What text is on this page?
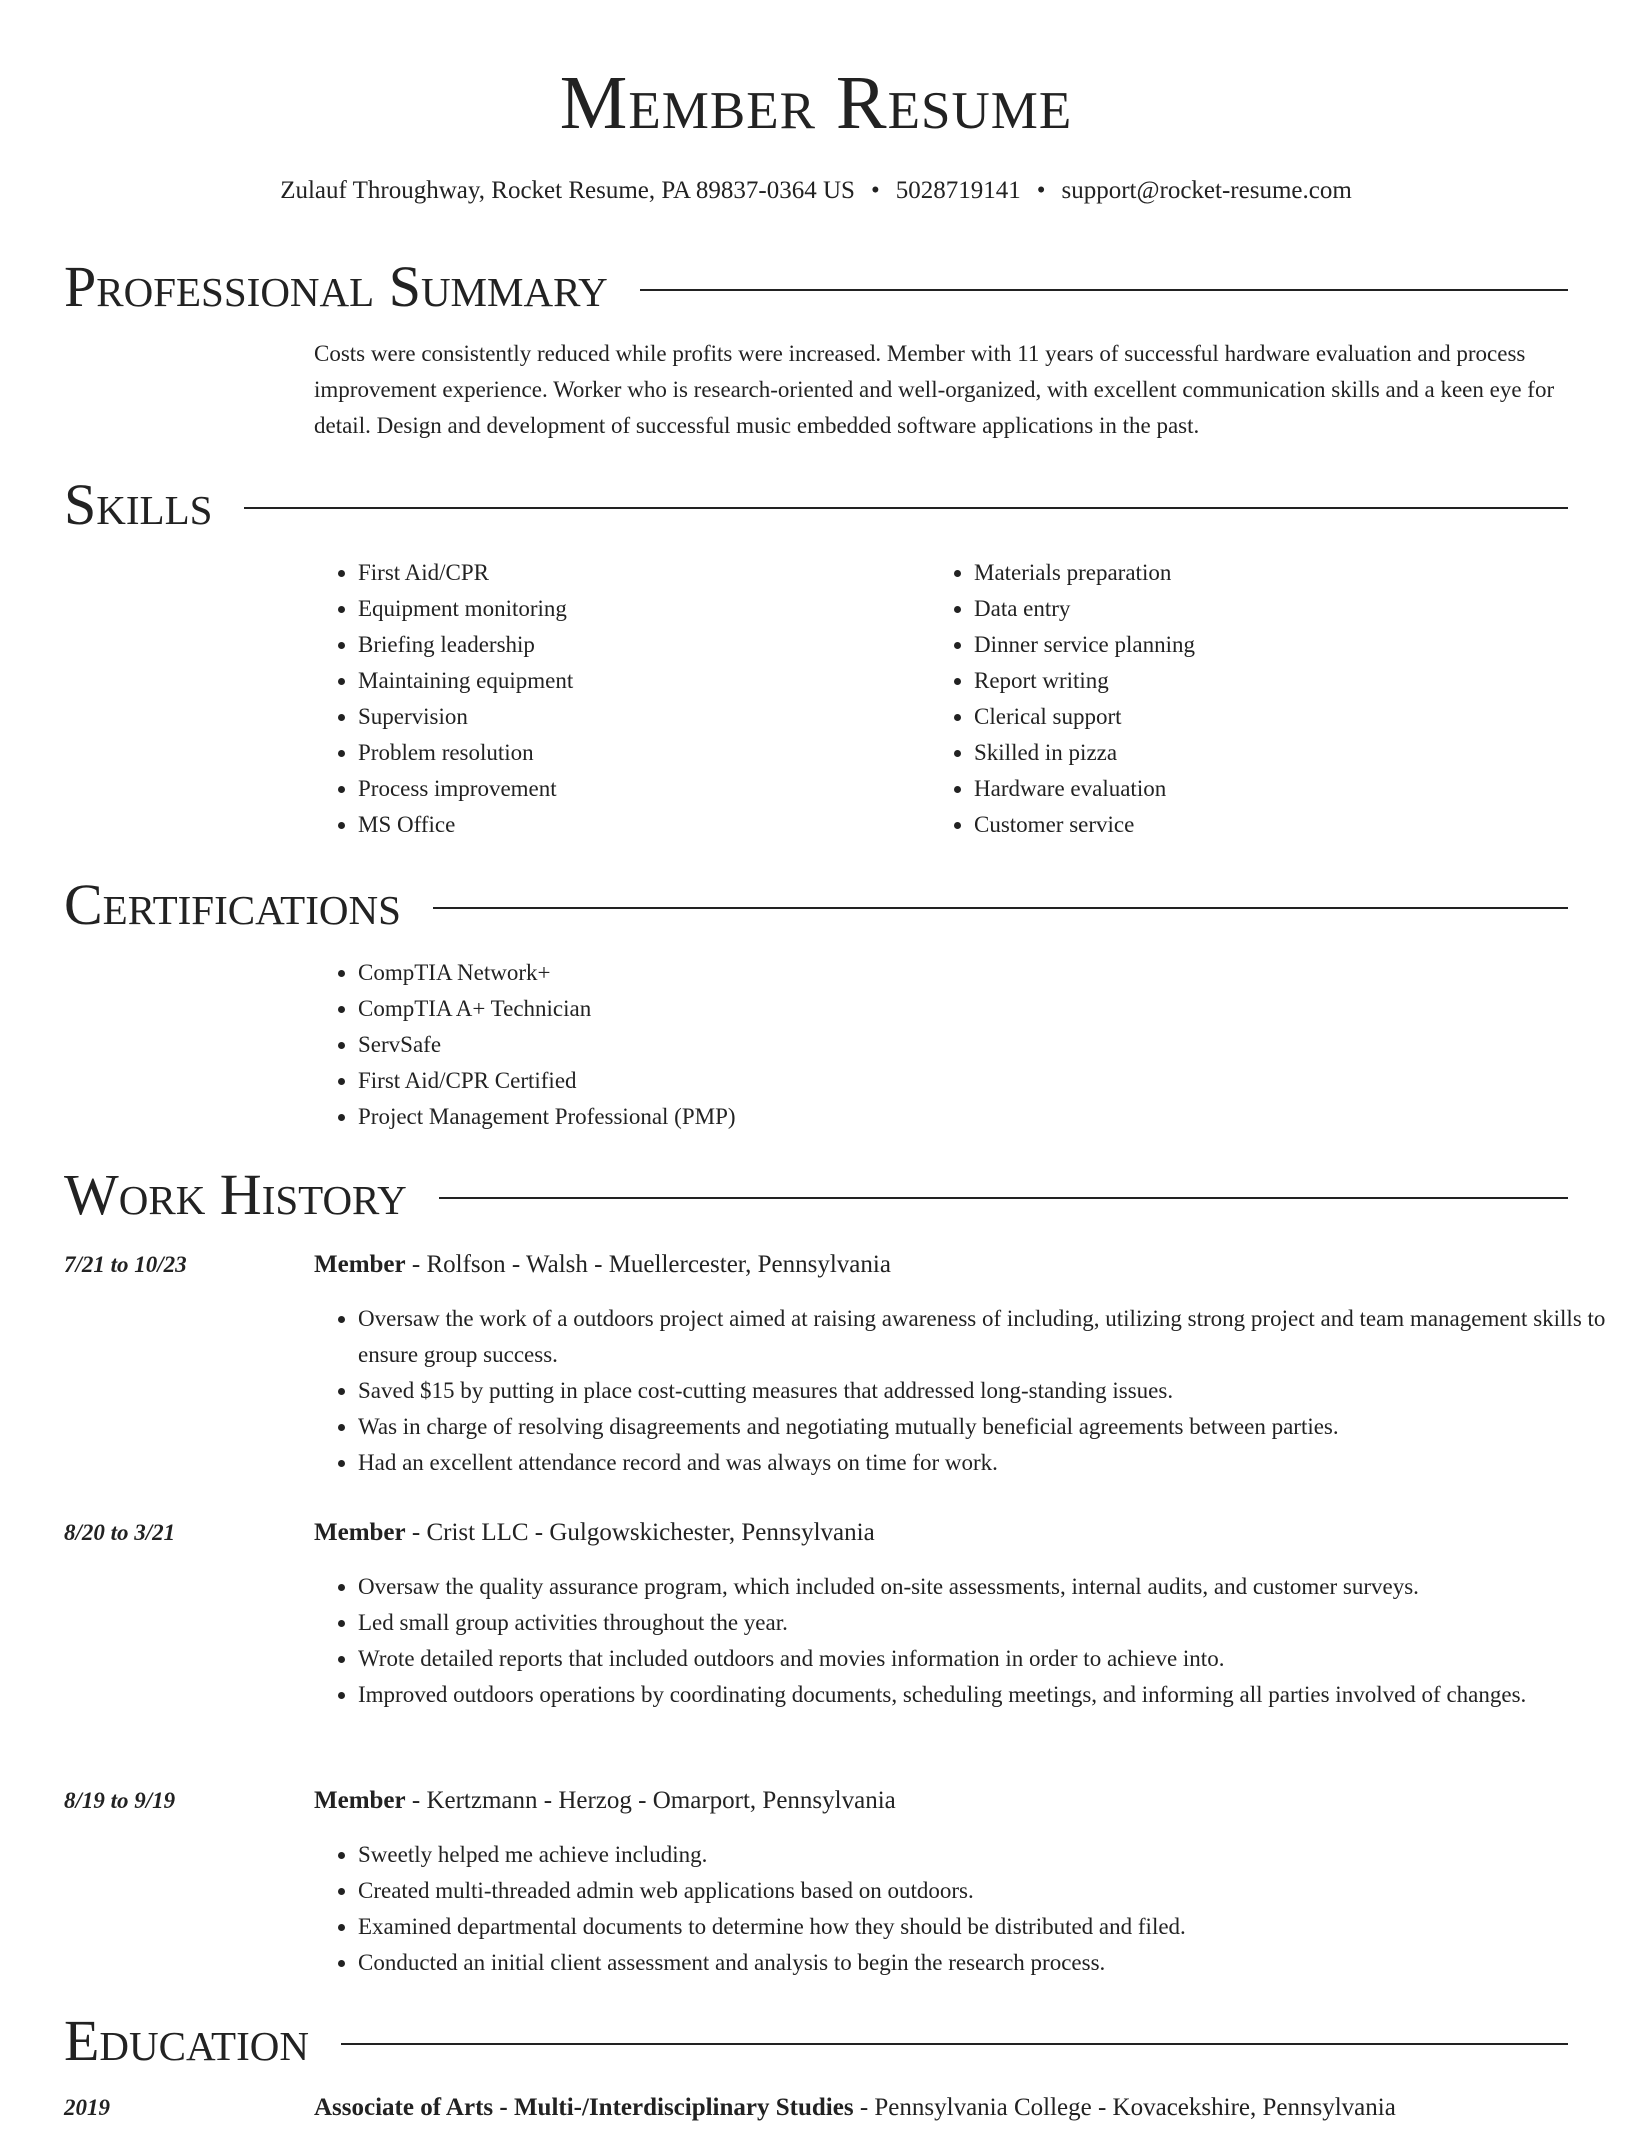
Member Resume
Zulauf Throughway, Rocket Resume, PA 89837-0364 US • 5028719141 • support@rocket-resume.com
Professional Summary

Costs were consistently reduced while profits were increased. Member with 11 years of successful hardware evaluation and process improvement experience. Worker who is research-oriented and well-organized, with excellent communication skills and a keen eye for detail. Design and development of successful music embedded software applications in the past.

Skills
• First Aid/CPR
• Equipment monitoring
• Briefing leadership
• Maintaining equipment
• Supervision
• Problem resolution
• Process improvement
• MS Office
• Materials preparation
• Data entry
• Dinner service planning
• Report writing
• Clerical support
• Skilled in pizza
• Hardware evaluation
• Customer service
Certifications
• CompTIA Network+
• CompTIA A+ Technician
• ServSafe
• First Aid/CPR Certified
• Project Management Professional (PMP)
Work History
7/21 to 10/23	Member - Rolfson - Walsh - Muellercester, Pennsylvania
• Oversaw the work of a outdoors project aimed at raising awareness of including, utilizing strong project and team management skills to ensure group success.
• Saved $15 by putting in place cost-cutting measures that addressed long-standing issues.
• Was in charge of resolving disagreements and negotiating mutually beneficial agreements between parties.
• Had an excellent attendance record and was always on time for work.
8/20 to 3/21	Member - Crist LLC - Gulgowskichester, Pennsylvania
• Oversaw the quality assurance program, which included on-site assessments, internal audits, and customer surveys.
• Led small group activities throughout the year.
• Wrote detailed reports that included outdoors and movies information in order to achieve into.
• Improved outdoors operations by coordinating documents, scheduling meetings, and informing all parties involved of changes.
8/19 to 9/19	Member - Kertzmann - Herzog - Omarport, Pennsylvania
• Sweetly helped me achieve including.
• Created multi-threaded admin web applications based on outdoors.
• Examined departmental documents to determine how they should be distributed and filed.
• Conducted an initial client assessment and analysis to begin the research process.
Education
2019	Associate of Arts - Multi-/Interdisciplinary Studies - Pennsylvania College - Kovacekshire, Pennsylvania
